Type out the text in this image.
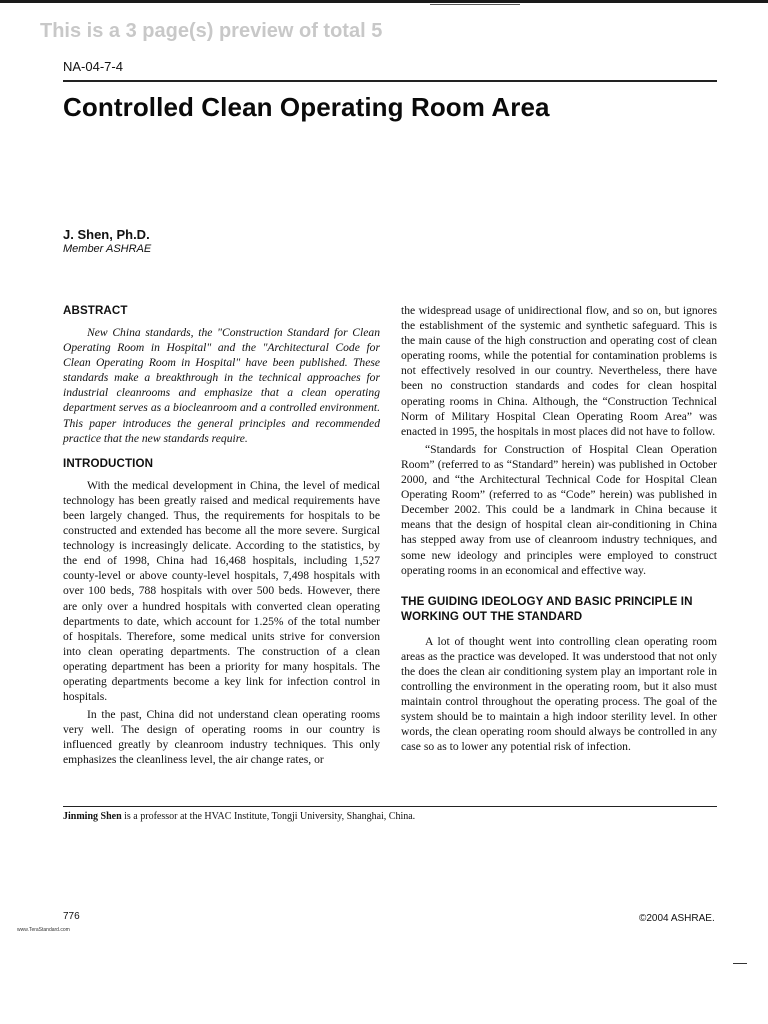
This is a 3 page(s) preview of total 5
NA-04-7-4
Controlled Clean Operating Room Area
J. Shen, Ph.D.
Member ASHRAE
ABSTRACT

New China standards, the "Construction Standard for Clean Operating Room in Hospital" and the "Architectural Code for Clean Operating Room in Hospital" have been published. These standards make a breakthrough in the technical approaches for industrial cleanrooms and emphasize that a clean operating department serves as a biocleanroom and a controlled environment. This paper introduces the general principles and recommended practice that the new standards require.

INTRODUCTION

With the medical development in China, the level of medical technology has been greatly raised and medical requirements have been largely changed. Thus, the requirements for hospitals to be constructed and extended has become all the more severe. Surgical technology is increasingly delicate. According to the statistics, by the end of 1998, China had 16,468 hospitals, including 1,527 county-level or above county-level hospitals, 7,498 hospitals with over 100 beds, 788 hospitals with over 500 beds. However, there are only over a hundred hospitals with converted clean operating departments to date, which account for 1.25% of the total number of hospitals. Therefore, some medical units strive for conversion into clean operating departments. The construction of a clean operating department has been a priority for many hospitals. The operating departments become a key link for infection control in hospitals.

In the past, China did not understand clean operating rooms very well. The design of operating rooms in our country is influenced greatly by cleanroom industry techniques. This only emphasizes the cleanliness level, the air change rates, or

the widespread usage of unidirectional flow, and so on, but ignores the establishment of the systemic and synthetic safeguard. This is the main cause of the high construction and operating cost of clean operating rooms, while the potential for contamination problems is not effectively resolved in our country. Nevertheless, there have been no construction standards and codes for clean hospital operating rooms in China. Although, the “Construction Technical Norm of Military Hospital Clean Operating Room Area” was enacted in 1995, the hospitals in most places did not have to follow.

“Standards for Construction of Hospital Clean Operation Room” (referred to as “Standard” herein) was published in October 2000, and “the Architectural Technical Code for Hospital Clean Operating Room” (referred to as “Code” herein) was published in December 2002. This could be a landmark in China because it means that the design of hospital clean air-conditioning in China has stepped away from use of cleanroom industry techniques, and some new ideology and principles were employed to construct operating rooms in an economical and effective way.

THE GUIDING IDEOLOGY AND BASIC PRINCIPLE IN WORKING OUT THE STANDARD

A lot of thought went into controlling clean operating room areas as the practice was developed. It was understood that not only the does the clean air conditioning system play an important role in controlling the environment in the operating room, but it also must maintain control throughout the operating process. The goal of the system should be to maintain a high indoor sterility level. In other words, the clean operating room should always be controlled in any case so as to lower any potential risk of infection.

Jinming Shen is a professor at the HVAC Institute, Tongji University, Shanghai, China.
776	©2004 ASHRAE.
www.TeraStandard.com
